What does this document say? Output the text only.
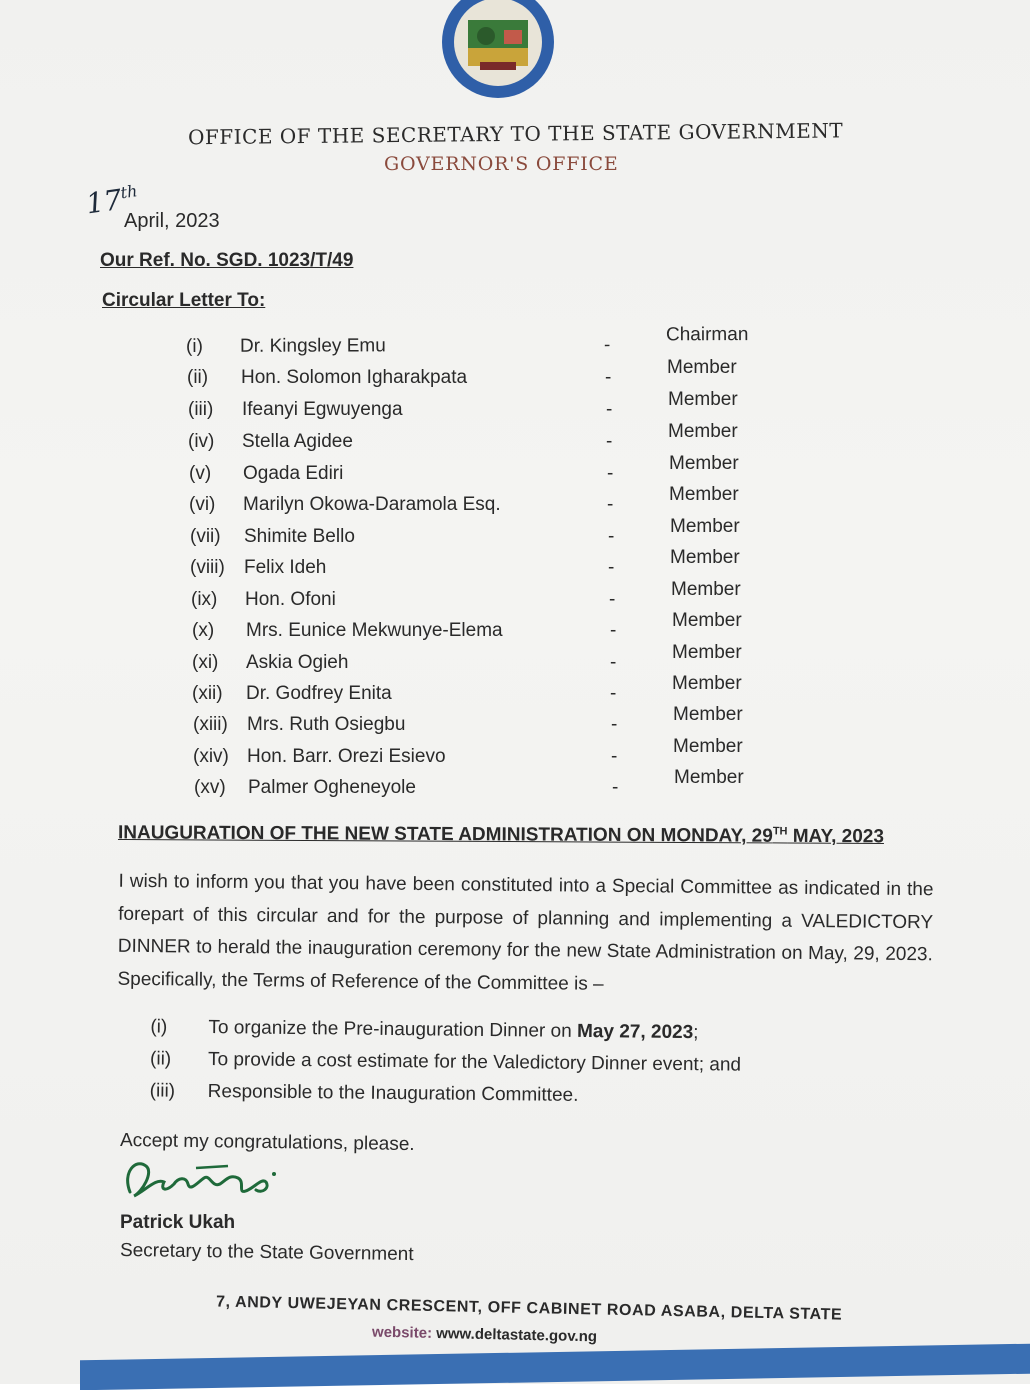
OFFICE OF THE SECRETARY TO THE STATE GOVERNMENT
GOVERNOR'S OFFICE
17th
April, 2023
Our Ref. No. SGD. 1023/T/49
Circular Letter To:
(i) Dr. Kingsley Emu	-	Chairman
(ii) Hon. Solomon Igharakpata	-	Member
(iii) Ifeanyi Egwuyenga	-	Member
(iv) Stella Agidee	-	Member
(v) Ogada Ediri	-	Member
(vi) Marilyn Okowa-Daramola Esq.	-	Member
(vii) Shimite Bello	-	Member
(viii) Felix Ideh	-	Member
(ix) Hon. Ofoni	-	Member
(x) Mrs. Eunice Mekwunye-Elema	-	Member
(xi) Askia Ogieh	-	Member
(xii) Dr. Godfrey Enita	-	Member
(xiii) Mrs. Ruth Osiegbu	-	Member
(xiv) Hon. Barr. Orezi Esievo	-	Member
(xv) Palmer Ogheneyole	-	Member
INAUGURATION OF THE NEW STATE ADMINISTRATION ON MONDAY, 29TH MAY, 2023
I wish to inform you that you have been constituted into a Special Committee as indicated in the forepart of this circular and for the purpose of planning and implementing a VALEDICTORY DINNER to herald the inauguration ceremony for the new State Administration on May, 29, 2023. Specifically, the Terms of Reference of the Committee is –
(i) To organize the Pre-inauguration Dinner on May 27, 2023;
(ii) To provide a cost estimate for the Valedictory Dinner event; and
(iii) Responsible to the Inauguration Committee.
Accept my congratulations, please.
Patrick Ukah
Secretary to the State Government
7, ANDY UWEJEYAN CRESCENT, OFF CABINET ROAD ASABA, DELTA STATE
website: www.deltastate.gov.ng
